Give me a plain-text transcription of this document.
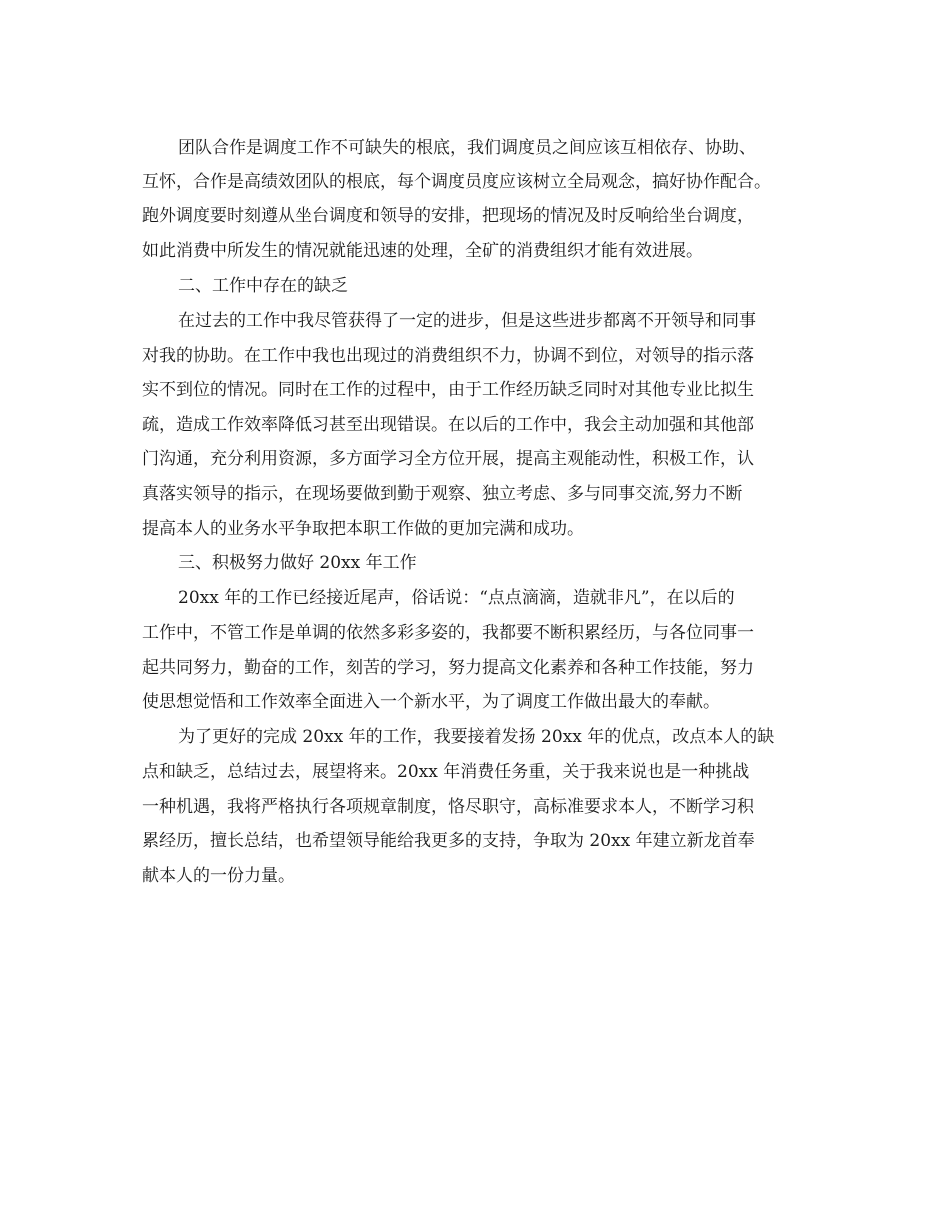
团队合作是调度工作不可缺失的根底，我们调度员之间应该互相依存、协助、
互怀，合作是高绩效团队的根底，每个调度员度应该树立全局观念，搞好协作配合。
跑外调度要时刻遵从坐台调度和领导的安排，把现场的情况及时反响给坐台调度，
如此消费中所发生的情况就能迅速的处理，全矿的消费组织才能有效进展。
二、工作中存在的缺乏
在过去的工作中我尽管获得了一定的进步，但是这些进步都离不开领导和同事
对我的协助。在工作中我也出现过的消费组织不力，协调不到位，对领导的指示落
实不到位的情况。同时在工作的过程中，由于工作经历缺乏同时对其他专业比拟生
疏，造成工作效率降低习甚至出现错误。在以后的工作中，我会主动加强和其他部
门沟通，充分利用资源，多方面学习全方位开展，提高主观能动性，积极工作，认
真落实领导的指示，在现场要做到勤于观察、独立考虑、多与同事交流,努力不断
提高本人的业务水平争取把本职工作做的更加完满和成功。
三、积极努力做好 20xx 年工作
20xx 年的工作已经接近尾声，俗话说：“点点滴滴，造就非凡”，在以后的
工作中，不管工作是单调的依然多彩多姿的，我都要不断积累经历，与各位同事一
起共同努力，勤奋的工作，刻苦的学习，努力提高文化素养和各种工作技能，努力
使思想觉悟和工作效率全面进入一个新水平，为了调度工作做出最大的奉献。
为了更好的完成 20xx 年的工作，我要接着发扬 20xx 年的优点，改点本人的缺
点和缺乏，总结过去，展望将来。20xx 年消费任务重，关于我来说也是一种挑战
一种机遇，我将严格执行各项规章制度，恪尽职守，高标准要求本人，不断学习积
累经历，擅长总结，也希望领导能给我更多的支持，争取为 20xx 年建立新龙首奉
献本人的一份力量。
